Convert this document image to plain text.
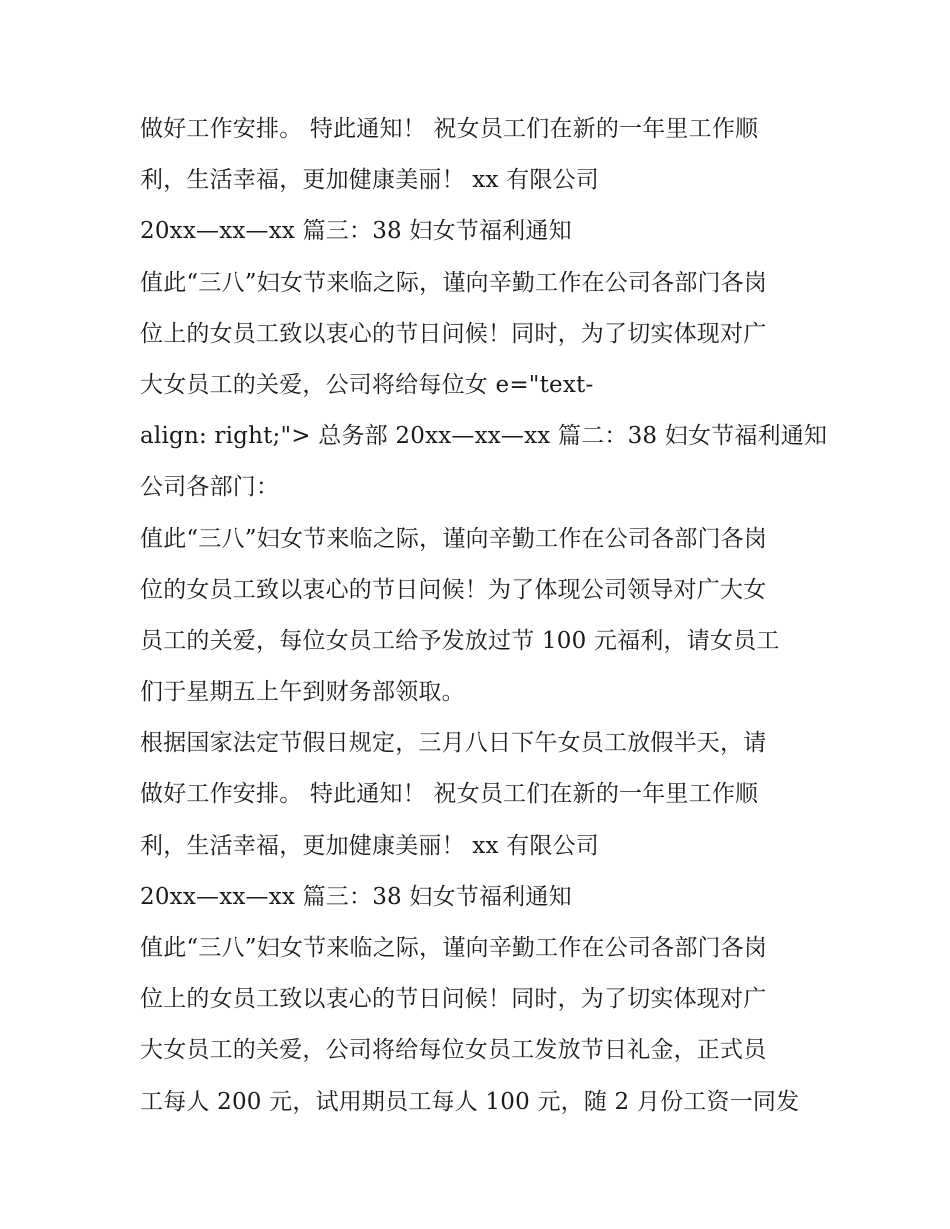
做好工作安排。 特此通知！ 祝女员工们在新的一年里工作顺
利，生活幸福，更加健康美丽！ xx 有限公司
20xx—xx—xx 篇三：38 妇女节福利通知
值此“三八”妇女节来临之际，谨向辛勤工作在公司各部门各岗
位上的女员工致以衷心的节日问候！同时，为了切实体现对广
大女员工的关爱，公司将给每位女 e="text-
align: right;"> 总务部 20xx—xx—xx 篇二：38 妇女节福利通知
公司各部门：
值此“三八”妇女节来临之际，谨向辛勤工作在公司各部门各岗
位的女员工致以衷心的节日问候！为了体现公司领导对广大女
员工的关爱，每位女员工给予发放过节 100 元福利，请女员工
们于星期五上午到财务部领取。
根据国家法定节假日规定，三月八日下午女员工放假半天，请
做好工作安排。 特此通知！ 祝女员工们在新的一年里工作顺
利，生活幸福，更加健康美丽！ xx 有限公司
20xx—xx—xx 篇三：38 妇女节福利通知
值此“三八”妇女节来临之际，谨向辛勤工作在公司各部门各岗
位上的女员工致以衷心的节日问候！同时，为了切实体现对广
大女员工的关爱，公司将给每位女员工发放节日礼金，正式员
工每人 200 元，试用期员工每人 100 元，随 2 月份工资一同发
